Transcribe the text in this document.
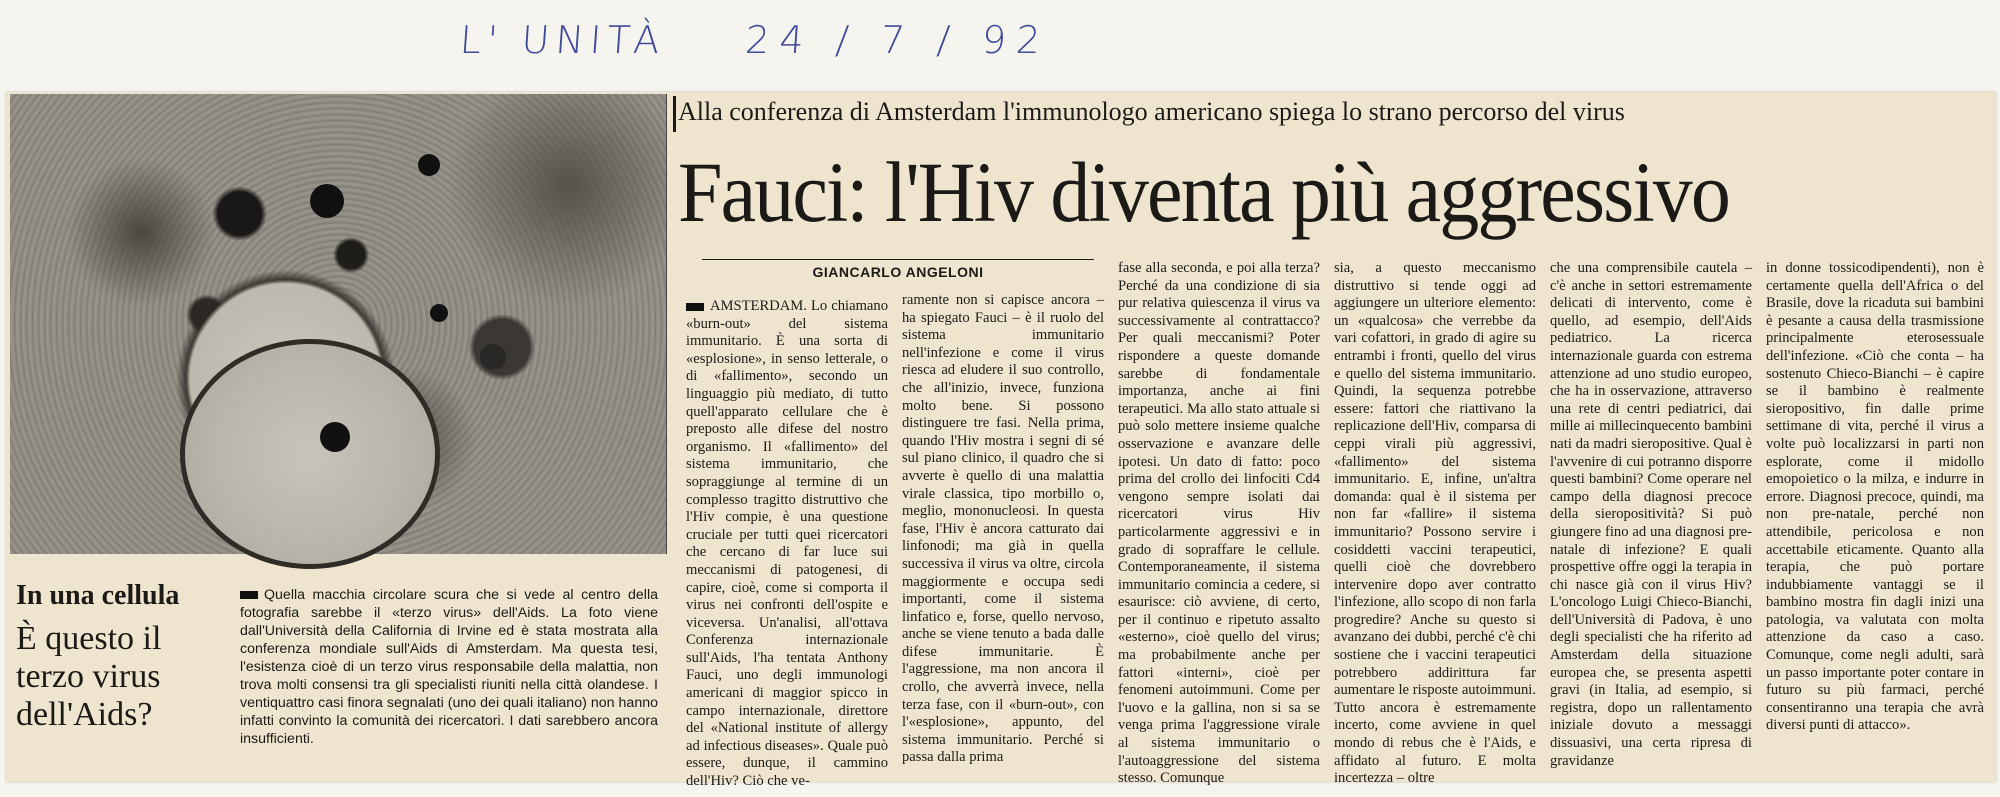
L' UNITÀ 24 / 7 / 92
In una cellula
È questo il terzo virus dell'Aids?
Quella macchia circolare scura che si vede al centro della fotografia sarebbe il «terzo virus» dell'Aids. La foto viene dall'Università della California di Irvine ed è stata mostrata alla conferenza mondiale sull'Aids di Amsterdam. Ma questa tesi, l'esistenza cioè di un terzo virus responsabile della malattia, non trova molti consensi tra gli specialisti riuniti nella città olandese. I ventiquattro casi finora segnalati (uno dei quali italiano) non hanno infatti convinto la comunità dei ricercatori. I dati sarebbero ancora insufficienti.
Alla conferenza di Amsterdam l'immunologo americano spiega lo strano percorso del virus
Fauci: l'Hiv diventa più aggressivo
GIANCARLO ANGELONI

AMSTERDAM. Lo chiamano «burn-out» del sistema immunitario. È una sorta di «esplosione», in senso letterale, o di «fallimento», secondo un linguaggio più mediato, di tutto quell'apparato cellulare che è preposto alle difese del nostro organismo. Il «fallimento» del sistema immunitario, che sopraggiunge al termine di un complesso tragitto distruttivo che l'Hiv compie, è una questione cruciale per tutti quei ricercatori che cercano di far luce sui meccanismi di patogenesi, di capire, cioè, come si comporta il virus nei confronti dell'ospite e viceversa. Un'analisi, all'ottava Conferenza internazionale sull'Aids, l'ha tentata Anthony Fauci, uno degli immunologi americani di maggior spicco in campo internazionale, direttore del «National institute of allergy ad infectious diseases». Quale può essere, dunque, il cammino dell'Hiv? Ciò che ve-

ramente non si capisce ancora – ha spiegato Fauci – è il ruolo del sistema immunitario nell'infezione e come il virus riesca ad eludere il suo controllo, che all'inizio, invece, funziona molto bene. Si possono distinguere tre fasi. Nella prima, quando l'Hiv mostra i segni di sé sul piano clinico, il quadro che si avverte è quello di una malattia virale classica, tipo morbillo o, meglio, mononucleosi. In questa fase, l'Hiv è ancora catturato dai linfonodi; ma già in quella successiva il virus va oltre, circola maggiormente e occupa sedi importanti, come il sistema linfatico e, forse, quello nervoso, anche se viene tenuto a bada dalle difese immunitarie. È l'aggressione, ma non ancora il crollo, che avverrà invece, nella terza fase, con il «burn-out», con l'«esplosione», appunto, del sistema immunitario. Perché si passa dalla prima

fase alla seconda, e poi alla terza? Perché da una condizione di sia pur relativa quiescenza il virus va successivamente al contrattacco? Per quali meccanismi? Poter rispondere a queste domande sarebbe di fondamentale importanza, anche ai fini terapeutici. Ma allo stato attuale si può solo mettere insieme qualche osservazione e avanzare delle ipotesi. Un dato di fatto: poco prima del crollo dei linfociti Cd4 vengono sempre isolati dai ricercatori virus Hiv particolarmente aggressivi e in grado di sopraffare le cellule. Contemporaneamente, il sistema immunitario comincia a cedere, si esaurisce: ciò avviene, di certo, per il continuo e ripetuto assalto «esterno», cioè quello del virus; ma probabilmente anche per fattori «interni», cioè per fenomeni autoimmuni. Come per l'uovo e la gallina, non si sa se venga prima l'aggressione virale al sistema immunitario o l'autoaggressione del sistema stesso. Comunque

sia, a questo meccanismo distruttivo si tende oggi ad aggiungere un ulteriore elemento: un «qualcosa» che verrebbe da vari cofattori, in grado di agire su entrambi i fronti, quello del virus e quello del sistema immunitario. Quindi, la sequenza potrebbe essere: fattori che riattivano la replicazione dell'Hiv, comparsa di ceppi virali più aggressivi, «fallimento» del sistema immunitario. E, infine, un'altra domanda: qual è il sistema per non far «fallire» il sistema immunitario? Possono servire i cosiddetti vaccini terapeutici, quelli cioè che dovrebbero intervenire dopo aver contratto l'infezione, allo scopo di non farla progredire? Anche su questo si avanzano dei dubbi, perché c'è chi sostiene che i vaccini terapeutici potrebbero addirittura far aumentare le risposte autoimmuni. Tutto ancora è estremamente incerto, come avviene in quel mondo di rebus che è l'Aids, e affidato al futuro. E molta incertezza – oltre

che una comprensibile cautela – c'è anche in settori estremamente delicati di intervento, come è quello, ad esempio, dell'Aids pediatrico. La ricerca internazionale guarda con estrema attenzione ad uno studio europeo, che ha in osservazione, attraverso una rete di centri pediatrici, dai mille ai millecinquecento bambini nati da madri sieropositive. Qual è l'avvenire di cui potranno disporre questi bambini? Come operare nel campo della diagnosi precoce della sieropositività? Si può giungere fino ad una diagnosi pre-natale di infezione? E quali prospettive offre oggi la terapia in chi nasce già con il virus Hiv? L'oncologo Luigi Chieco-Bianchi, dell'Università di Padova, è uno degli specialisti che ha riferito ad Amsterdam della situazione europea che, se presenta aspetti gravi (in Italia, ad esempio, si registra, dopo un rallentamento iniziale dovuto a messaggi dissuasivi, una certa ripresa di gravidanze

in donne tossicodipendenti), non è certamente quella dell'Africa o del Brasile, dove la ricaduta sui bambini è pesante a causa della trasmissione principalmente eterosessuale dell'infezione. «Ciò che conta – ha sostenuto Chieco-Bianchi – è capire se il bambino è realmente sieropositivo, fin dalle prime settimane di vita, perché il virus a volte può localizzarsi in parti non esplorate, come il midollo emopoietico o la milza, e indurre in errore. Diagnosi precoce, quindi, ma non pre-natale, perché non attendibile, pericolosa e non accettabile eticamente. Quanto alla terapia, che può portare indubbiamente vantaggi se il bambino mostra fin dagli inizi una patologia, va valutata con molta attenzione da caso a caso. Comunque, come negli adulti, sarà un passo importante poter contare in futuro su più farmaci, perché consentiranno una terapia che avrà diversi punti di attacco».
